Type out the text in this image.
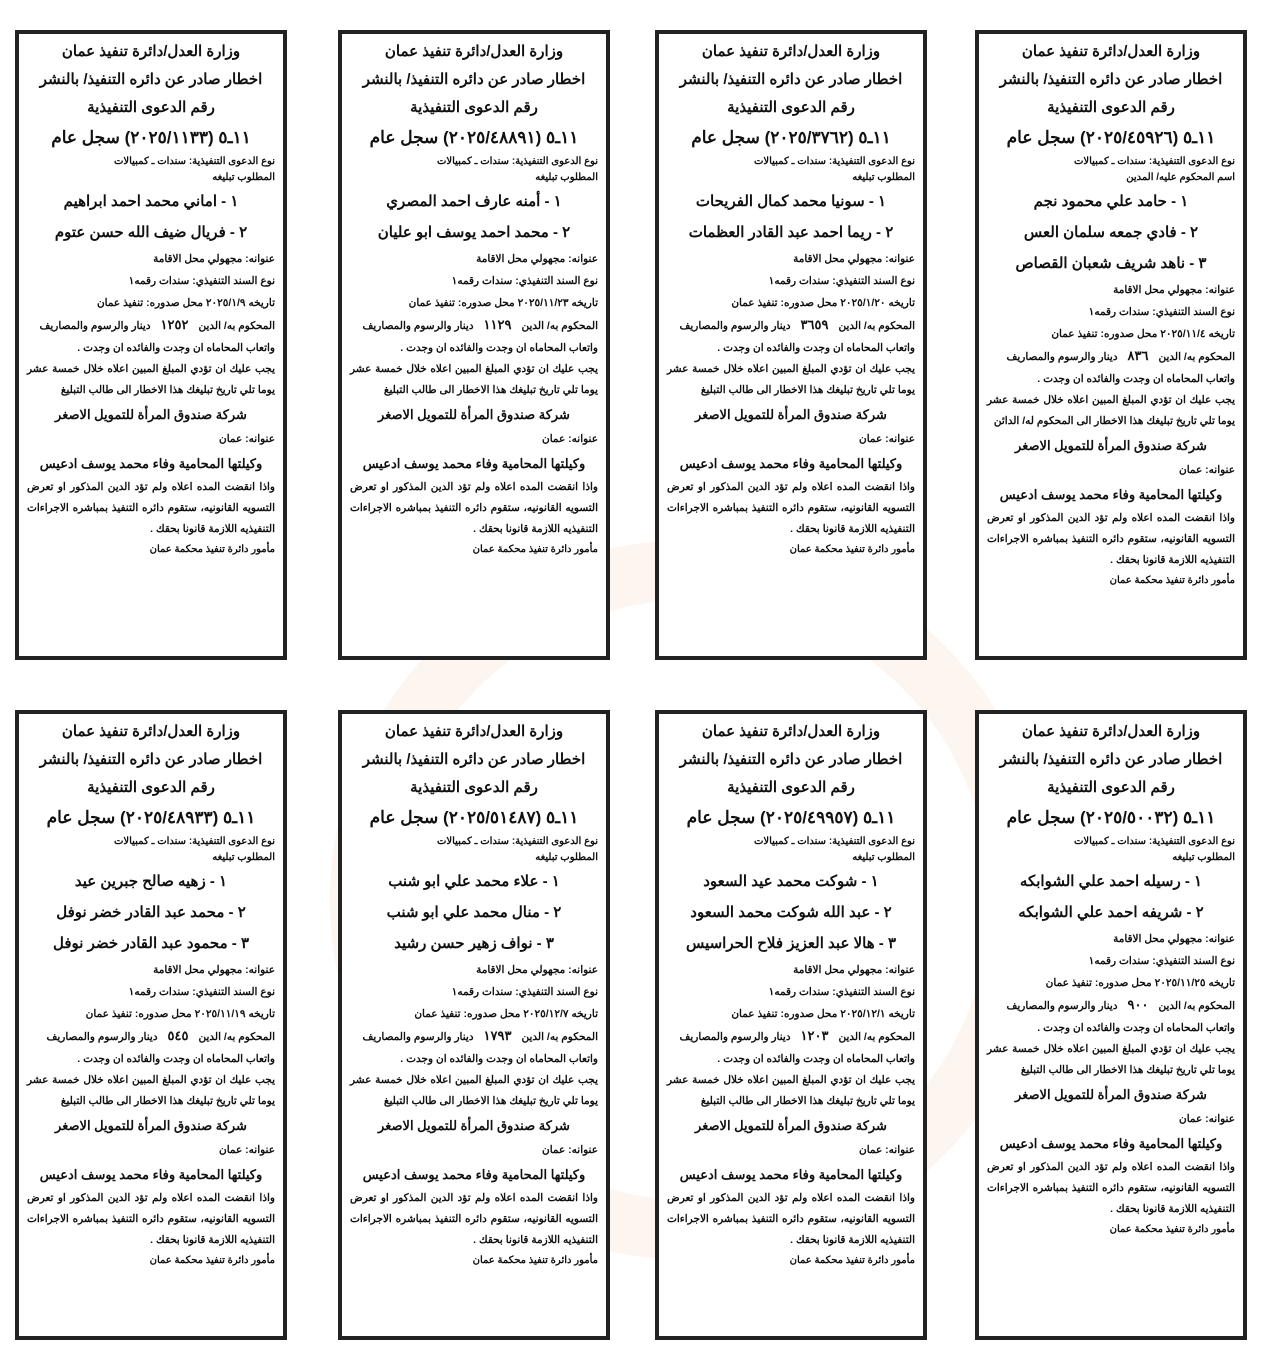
وزارة العدل/دائرة تنفيذ عمان
اخطار صادر عن دائره التنفيذ/ بالنشر
رقم الدعوى التنفيذية
١١ـ٥ (٢٠٢٥/٤٥٩٢٦) سجل عام
نوع الدعوى التنفيذية: سندات ـ كمبيالات
اسم المحكوم عليه/ المدين
١ - حامد علي محمود نجم
٢ - فادي جمعه سلمان العس
٣ - ناهد شريف شعبان القصاص
عنوانه: مجهولي محل الاقامة
نوع السند التنفيذي: سندات رقمه١
تاريخه ٢٠٢٥/١١/٤ محل صدوره: تنفيذ عمان
المحكوم به/ الدين٨٣٦دينار والرسوم والمصاريف
واتعاب المحاماه ان وجدت والفائده ان وجدت .
يجب عليك ان تؤدي المبلغ المبين اعلاه خلال خمسة عشر يوما تلي تاريخ تبليغك هذا الاخطار الى المحكوم له/ الدائن
شركة صندوق المرأة للتمويل الاصغر
عنوانه: عمان
وكيلتها المحامية وفاء محمد يوسف ادعيس
واذا انقضت المده اعلاه ولم تؤد الدين المذكور او تعرض التسويه القانونيه، ستقوم دائره التنفيذ بمباشره الاجراءات التنفيذيه اللازمة قانونا بحقك .
مأمور دائرة تنفيذ محكمة عمان
وزارة العدل/دائرة تنفيذ عمان
اخطار صادر عن دائره التنفيذ/ بالنشر
رقم الدعوى التنفيذية
١١ـ٥ (٢٠٢٥/٣٧٦٢) سجل عام
نوع الدعوى التنفيذية: سندات ـ كمبيالات
المطلوب تبليغه
١ - سونيا محمد كمال الفريحات
٢ - ريما احمد عبد القادر العظمات
عنوانه: مجهولي محل الاقامة
نوع السند التنفيذي: سندات رقمه١
تاريخه ٢٠٢٥/١/٢٠ محل صدوره: تنفيذ عمان
المحكوم به/ الدين٣٦٥٩دينار والرسوم والمصاريف
واتعاب المحاماه ان وجدت والفائده ان وجدت .
يجب عليك ان تؤدي المبلغ المبين اعلاه خلال خمسة عشر يوما تلي تاريخ تبليغك هذا الاخطار الى طالب التبليغ
شركة صندوق المرأة للتمويل الاصغر
عنوانه: عمان
وكيلتها المحامية وفاء محمد يوسف ادعيس
واذا انقضت المده اعلاه ولم تؤد الدين المذكور او تعرض التسويه القانونيه، ستقوم دائره التنفيذ بمباشره الاجراءات التنفيذيه اللازمة قانونا بحقك .
مأمور دائرة تنفيذ محكمة عمان
وزارة العدل/دائرة تنفيذ عمان
اخطار صادر عن دائره التنفيذ/ بالنشر
رقم الدعوى التنفيذية
١١ـ٥ (٢٠٢٥/٤٨٨٩١) سجل عام
نوع الدعوى التنفيذية: سندات ـ كمبيالات
المطلوب تبليغه
١ - أمنه عارف احمد المصري
٢ - محمد احمد يوسف ابو عليان
عنوانه: مجهولي محل الاقامة
نوع السند التنفيذي: سندات رقمه١
تاريخه ٢٠٢٥/١١/٢٣ محل صدوره: تنفيذ عمان
المحكوم به/ الدين١١٢٩دينار والرسوم والمصاريف
واتعاب المحاماه ان وجدت والفائده ان وجدت .
يجب عليك ان تؤدي المبلغ المبين اعلاه خلال خمسة عشر يوما تلي تاريخ تبليغك هذا الاخطار الى طالب التبليغ
شركة صندوق المرأة للتمويل الاصغر
عنوانه: عمان
وكيلتها المحامية وفاء محمد يوسف ادعيس
واذا انقضت المده اعلاه ولم تؤد الدين المذكور او تعرض التسويه القانونيه، ستقوم دائره التنفيذ بمباشره الاجراءات التنفيذيه اللازمة قانونا بحقك .
مأمور دائرة تنفيذ محكمة عمان
وزارة العدل/دائرة تنفيذ عمان
اخطار صادر عن دائره التنفيذ/ بالنشر
رقم الدعوى التنفيذية
١١ـ٥ (٢٠٢٥/١١٣٣) سجل عام
نوع الدعوى التنفيذية: سندات ـ كمبيالات
المطلوب تبليغه
١ - اماني محمد احمد ابراهيم
٢ - فريال ضيف الله حسن عتوم
عنوانه: مجهولي محل الاقامة
نوع السند التنفيذي: سندات رقمه١
تاريخه ٢٠٢٥/١/٩ محل صدوره: تنفيذ عمان
المحكوم به/ الدين١٢٥٢دينار والرسوم والمصاريف
واتعاب المحاماه ان وجدت والفائده ان وجدت .
يجب عليك ان تؤدي المبلغ المبين اعلاه خلال خمسة عشر يوما تلي تاريخ تبليغك هذا الاخطار الى طالب التبليغ
شركة صندوق المرأة للتمويل الاصغر
عنوانه: عمان
وكيلتها المحامية وفاء محمد يوسف ادعيس
واذا انقضت المده اعلاه ولم تؤد الدين المذكور او تعرض التسويه القانونيه، ستقوم دائره التنفيذ بمباشره الاجراءات التنفيذيه اللازمة قانونا بحقك .
مأمور دائرة تنفيذ محكمة عمان
وزارة العدل/دائرة تنفيذ عمان
اخطار صادر عن دائره التنفيذ/ بالنشر
رقم الدعوى التنفيذية
١١ـ٥ (٢٠٢٥/٥٠٠٣٢) سجل عام
نوع الدعوى التنفيذية: سندات ـ كمبيالات
المطلوب تبليغه
١ - رسيله احمد علي الشوابكه
٢ - شريفه احمد علي الشوابكه
عنوانه: مجهولي محل الاقامة
نوع السند التنفيذي: سندات رقمه١
تاريخه ٢٠٢٥/١١/٢٥ محل صدوره: تنفيذ عمان
المحكوم به/ الدين٩٠٠دينار والرسوم والمصاريف
واتعاب المحاماه ان وجدت والفائده ان وجدت .
يجب عليك ان تؤدي المبلغ المبين اعلاه خلال خمسة عشر يوما تلي تاريخ تبليغك هذا الاخطار الى طالب التبليغ
شركة صندوق المرأة للتمويل الاصغر
عنوانه: عمان
وكيلتها المحامية وفاء محمد يوسف ادعيس
واذا انقضت المده اعلاه ولم تؤد الدين المذكور او تعرض التسويه القانونيه، ستقوم دائره التنفيذ بمباشره الاجراءات التنفيذيه اللازمة قانونا بحقك .
مأمور دائرة تنفيذ محكمة عمان
وزارة العدل/دائرة تنفيذ عمان
اخطار صادر عن دائره التنفيذ/ بالنشر
رقم الدعوى التنفيذية
١١ـ٥ (٢٠٢٥/٤٩٩٥٧) سجل عام
نوع الدعوى التنفيذية: سندات ـ كمبيالات
المطلوب تبليغه
١ - شوكت محمد عيد السعود
٢ - عبد الله شوكت محمد السعود
٣ - هالا عبد العزيز فلاح الحراسيس
عنوانه: مجهولي محل الاقامة
نوع السند التنفيذي: سندات رقمه١
تاريخه ٢٠٢٥/١٢/١ محل صدوره: تنفيذ عمان
المحكوم به/ الدين١٢٠٣دينار والرسوم والمصاريف
واتعاب المحاماه ان وجدت والفائده ان وجدت .
يجب عليك ان تؤدي المبلغ المبين اعلاه خلال خمسة عشر يوما تلي تاريخ تبليغك هذا الاخطار الى طالب التبليغ
شركة صندوق المرأة للتمويل الاصغر
عنوانه: عمان
وكيلتها المحامية وفاء محمد يوسف ادعيس
واذا انقضت المده اعلاه ولم تؤد الدين المذكور او تعرض التسويه القانونيه، ستقوم دائره التنفيذ بمباشره الاجراءات التنفيذيه اللازمة قانونا بحقك .
مأمور دائرة تنفيذ محكمة عمان
وزارة العدل/دائرة تنفيذ عمان
اخطار صادر عن دائره التنفيذ/ بالنشر
رقم الدعوى التنفيذية
١١ـ٥ (٢٠٢٥/٥١٤٨٧) سجل عام
نوع الدعوى التنفيذية: سندات ـ كمبيالات
المطلوب تبليغه
١ - علاء محمد علي ابو شنب
٢ - منال محمد علي ابو شنب
٣ - نواف زهير حسن رشيد
عنوانه: مجهولي محل الاقامة
نوع السند التنفيذي: سندات رقمه١
تاريخه ٢٠٢٥/١٢/٧ محل صدوره: تنفيذ عمان
المحكوم به/ الدين١٧٩٣دينار والرسوم والمصاريف
واتعاب المحاماه ان وجدت والفائده ان وجدت .
يجب عليك ان تؤدي المبلغ المبين اعلاه خلال خمسة عشر يوما تلي تاريخ تبليغك هذا الاخطار الى طالب التبليغ
شركة صندوق المرأة للتمويل الاصغر
عنوانه: عمان
وكيلتها المحامية وفاء محمد يوسف ادعيس
واذا انقضت المده اعلاه ولم تؤد الدين المذكور او تعرض التسويه القانونيه، ستقوم دائره التنفيذ بمباشره الاجراءات التنفيذيه اللازمة قانونا بحقك .
مأمور دائرة تنفيذ محكمة عمان
وزارة العدل/دائرة تنفيذ عمان
اخطار صادر عن دائره التنفيذ/ بالنشر
رقم الدعوى التنفيذية
١١ـ٥ (٢٠٢٥/٤٨٩٣٣) سجل عام
نوع الدعوى التنفيذية: سندات ـ كمبيالات
المطلوب تبليغه
١ - زهيه صالح جبرين عيد
٢ - محمد عبد القادر خضر نوفل
٣ - محمود عبد القادر خضر نوفل
عنوانه: مجهولي محل الاقامة
نوع السند التنفيذي: سندات رقمه١
تاريخه ٢٠٢٥/١١/١٩ محل صدوره: تنفيذ عمان
المحكوم به/ الدين٥٤٥دينار والرسوم والمصاريف
واتعاب المحاماه ان وجدت والفائده ان وجدت .
يجب عليك ان تؤدي المبلغ المبين اعلاه خلال خمسة عشر يوما تلي تاريخ تبليغك هذا الاخطار الى طالب التبليغ
شركة صندوق المرأة للتمويل الاصغر
عنوانه: عمان
وكيلتها المحامية وفاء محمد يوسف ادعيس
واذا انقضت المده اعلاه ولم تؤد الدين المذكور او تعرض التسويه القانونيه، ستقوم دائره التنفيذ بمباشره الاجراءات التنفيذيه اللازمة قانونا بحقك .
مأمور دائرة تنفيذ محكمة عمان
